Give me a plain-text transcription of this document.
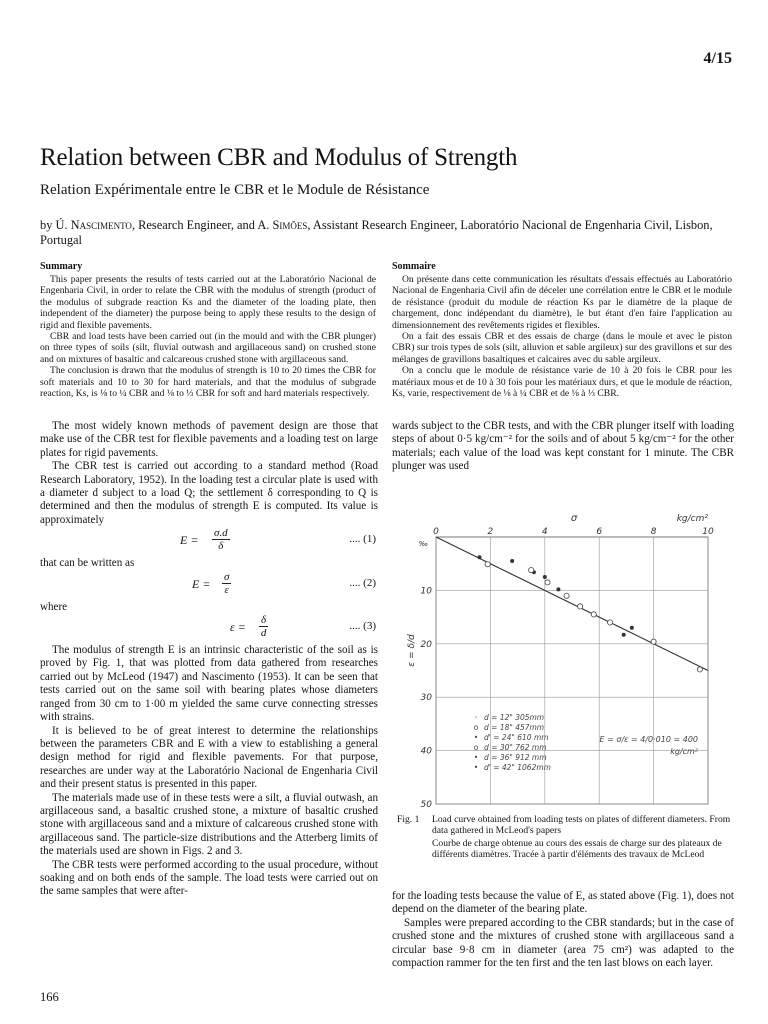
4/15
Relation between CBR and Modulus of Strength
Relation Expérimentale entre le CBR et le Module de Résistance
by Ú. Nascimento, Research Engineer, and A. Simões, Assistant Research Engineer, Laboratório Nacional de Engenharia Civil, Lisbon, Portugal
Summary

This paper presents the results of tests carried out at the Laboratório Nacional de Engenharia Civil, in order to relate the CBR with the modulus of strength (product of the modulus of subgrade reaction Ks and the diameter of the loading plate, then independent of the diameter) the purpose being to apply these results to the design of rigid and flexible pavements.

CBR and load tests have been carried out (in the mould and with the CBR plunger) on three types of soils (silt, fluvial outwash and argillaceous sand) on crushed stone and on mixtures of basaltic and calcareous crushed stone with argillaceous sand.

The conclusion is drawn that the modulus of strength is 10 to 20 times the CBR for soft materials and 10 to 30 for hard materials, and that the modulus of subgrade reaction, Ks, is ⅛ to ¼ CBR and ⅛ to ⅓ CBR for soft and hard materials respectively.

Sommaire

On présente dans cette communication les résultats d'essais effectués au Laboratório Nacional de Engenharia Civil afin de déceler une corrélation entre le CBR et le module de résistance (produit du module de réaction Ks par le diamètre de la plaque de chargement, donc indépendant du diamètre), le but étant d'en faire l'application au dimensionnement des revêtements rigides et flexibles.

On a fait des essais CBR et des essais de charge (dans le moule et avec le piston CBR) sur trois types de sols (silt, alluvion et sable argileux) sur des gravillons et sur des mélanges de gravillons basaltiques et calcaires avec du sable argileux.

On a conclu que le module de résistance varie de 10 à 20 fois le CBR pour les matériaux mous et de 10 à 30 fois pour les matériaux durs, et que le module de réaction, Ks, varie, respectivement de ⅛ à ¼ CBR et de ⅛ à ⅓ CBR.

The most widely known methods of pavement design are those that make use of the CBR test for flexible pavements and a loading test on large plates for rigid pavements.

The CBR test is carried out according to a standard method (Road Research Laboratory, 1952). In the loading test a circular plate is used with a diameter d subject to a load Q; the settlement δ corresponding to Q is determined and then the modulus of strength E is computed. Its value is approximately

$E = \frac{\sigma.d}{\delta}$	.... (1)

that can be written as

$E = \frac{\sigma}{\varepsilon}$	.... (2)

where

$\varepsilon = \frac{\delta}{d}$	.... (3)

The modulus of strength E is an intrinsic characteristic of the soil as is proved by Fig. 1, that was plotted from data gathered from researches carried out by McLeod (1947) and Nascimento (1953). It can be seen that tests carried out on the same soil with bearing plates whose diameters ranged from 30 cm to 1·00 m yielded the same curve connecting stresses with strains.

It is believed to be of great interest to determine the relationships between the parameters CBR and E with a view to establishing a general design method for rigid and flexible pavements. For that purpose, researches are under way at the Laboratório Nacional de Engenharia Civil and their present status is presented in this paper.

The materials made use of in these tests were a silt, a fluvial outwash, an argillaceous sand, a basaltic crushed stone, a mixture of basaltic crushed stone with argillaceous sand and a mixture of calcareous crushed stone with argillaceous sand. The particle-size distributions and the Atterberg limits of the materials used are shown in Figs. 2 and 3.

The CBR tests were performed according to the usual procedure, without soaking and on both ends of the sample. The load tests were carried out on the same samples that were after-

wards subject to the CBR tests, and with the CBR plunger itself with loading steps of about 0·5 kg/cm⁻² for the soils and of about 5 kg/cm⁻² for the other materials; each value of the load was kept constant for 1 minute. The CBR plunger was used

0	2	4	6	8	10
10
20
30
40
50
‰
σ	kg/cm²
ε = δ/d
◦ d = 12" 305mm
o d = 18" 457mm
• d' = 24" 610 mm
o d = 30" 762 mm
• d = 36" 912 mm
• d' = 42" 1062mm
E = σ/ε = 4/0·010 = 400
kg/cm²
Fig. 1 Load curve obtained from loading tests on plates of different diameters. From data gathered in McLeod's papers
Courbe de charge obtenue au cours des essais de charge sur des plateaux de différents diamètres. Tracée à partir d'éléments des travaux de McLeod

for the loading tests because the value of E, as stated above (Fig. 1), does not depend on the diameter of the bearing plate.

Samples were prepared according to the CBR standards; but in the case of crushed stone and the mixtures of crushed stone with argillaceous sand a circular base 9·8 cm in diameter (area 75 cm²) was adapted to the compaction rammer for the ten first and the ten last blows on each layer.

166
